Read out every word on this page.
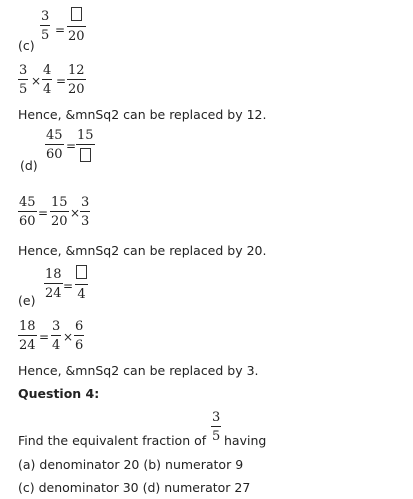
3
5 = 20
(c)
3
5
×
4
4
=
12
20
Hence, &mnSq2 can be replaced by 12.
45
60
=
15
(d)
45
60
=
15
20
×
3
3
Hence, &mnSq2 can be replaced by 20.
18
24 =
4
(e)
18
24
=
3
4
×
6
6
Hence, &mnSq2 can be replaced by 3.
Question 4:
3
5
Find the equivalent fraction of having
(a) denominator 20 (b) numerator 9
(c) denominator 30 (d) numerator 27
